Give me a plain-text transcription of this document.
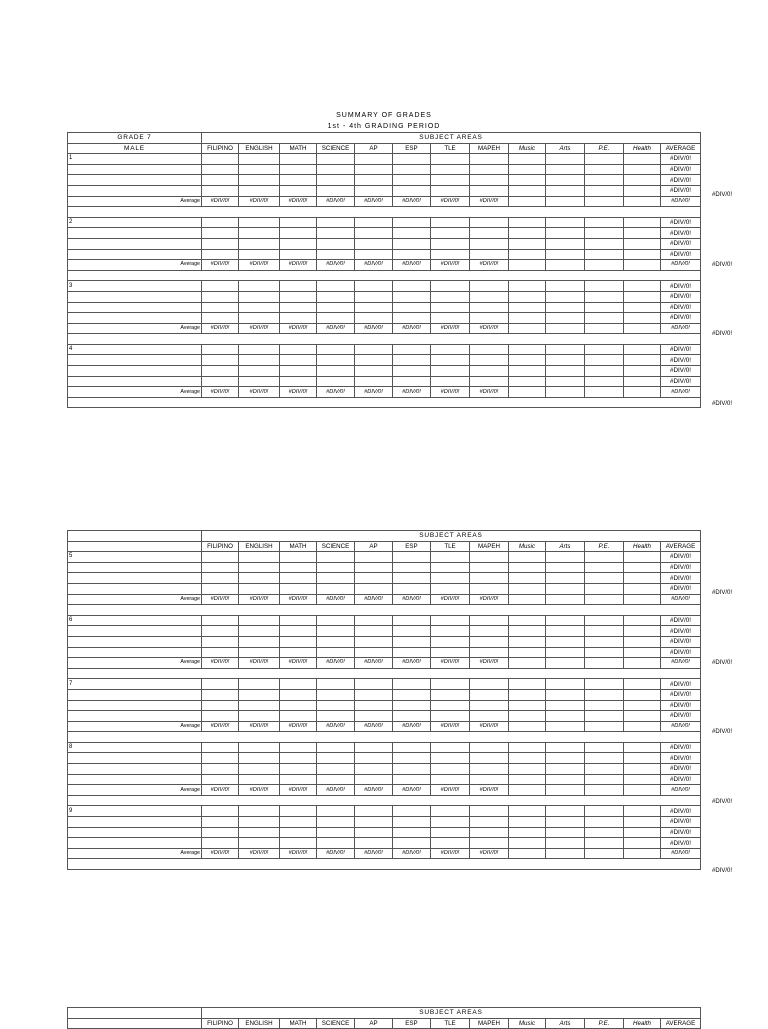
SUMMARY OF GRADES

1st - 4th GRADING PERIOD

GRADE 7	SUBJECT AREAS												
MALE	FILIPINO	ENGLISH	MATH	SCIENCE	AP	ESP	TLE	MAPEH	Music	Arts	P.E.	Health	AVERAGE
1													#DIV/0!
													#DIV/0!
													#DIV/0!
													#DIV/0!
Average	#DIV/0!	#DIV/0!	#DIV/0!	#DIV/0!	#DIV/0!	#DIV/0!	#DIV/0!	#DIV/0!					#DIV/0!

2													#DIV/0!
													#DIV/0!
													#DIV/0!
													#DIV/0!
Average	#DIV/0!	#DIV/0!	#DIV/0!	#DIV/0!	#DIV/0!	#DIV/0!	#DIV/0!	#DIV/0!					#DIV/0!

3													#DIV/0!
													#DIV/0!
													#DIV/0!
													#DIV/0!
Average	#DIV/0!	#DIV/0!	#DIV/0!	#DIV/0!	#DIV/0!	#DIV/0!	#DIV/0!	#DIV/0!					#DIV/0!

4													#DIV/0!
													#DIV/0!
													#DIV/0!
													#DIV/0!
Average	#DIV/0!	#DIV/0!	#DIV/0!	#DIV/0!	#DIV/0!	#DIV/0!	#DIV/0!	#DIV/0!					#DIV/0!

#DIV/0!
#DIV/0!
#DIV/0!
#DIV/0!
	SUBJECT AREAS												
	FILIPINO	ENGLISH	MATH	SCIENCE	AP	ESP	TLE	MAPEH	Music	Arts	P.E.	Health	AVERAGE
5													#DIV/0!
													#DIV/0!
													#DIV/0!
													#DIV/0!
Average	#DIV/0!	#DIV/0!	#DIV/0!	#DIV/0!	#DIV/0!	#DIV/0!	#DIV/0!	#DIV/0!					#DIV/0!

6													#DIV/0!
													#DIV/0!
													#DIV/0!
													#DIV/0!
Average	#DIV/0!	#DIV/0!	#DIV/0!	#DIV/0!	#DIV/0!	#DIV/0!	#DIV/0!	#DIV/0!					#DIV/0!

7													#DIV/0!
													#DIV/0!
													#DIV/0!
													#DIV/0!
Average	#DIV/0!	#DIV/0!	#DIV/0!	#DIV/0!	#DIV/0!	#DIV/0!	#DIV/0!	#DIV/0!					#DIV/0!

8													#DIV/0!
													#DIV/0!
													#DIV/0!
													#DIV/0!
Average	#DIV/0!	#DIV/0!	#DIV/0!	#DIV/0!	#DIV/0!	#DIV/0!	#DIV/0!	#DIV/0!					#DIV/0!

9													#DIV/0!
													#DIV/0!
													#DIV/0!
													#DIV/0!
Average	#DIV/0!	#DIV/0!	#DIV/0!	#DIV/0!	#DIV/0!	#DIV/0!	#DIV/0!	#DIV/0!					#DIV/0!

#DIV/0!
#DIV/0!
#DIV/0!
#DIV/0!
#DIV/0!
	SUBJECT AREAS												
	FILIPINO	ENGLISH	MATH	SCIENCE	AP	ESP	TLE	MAPEH	Music	Arts	P.E.	Health	AVERAGE
